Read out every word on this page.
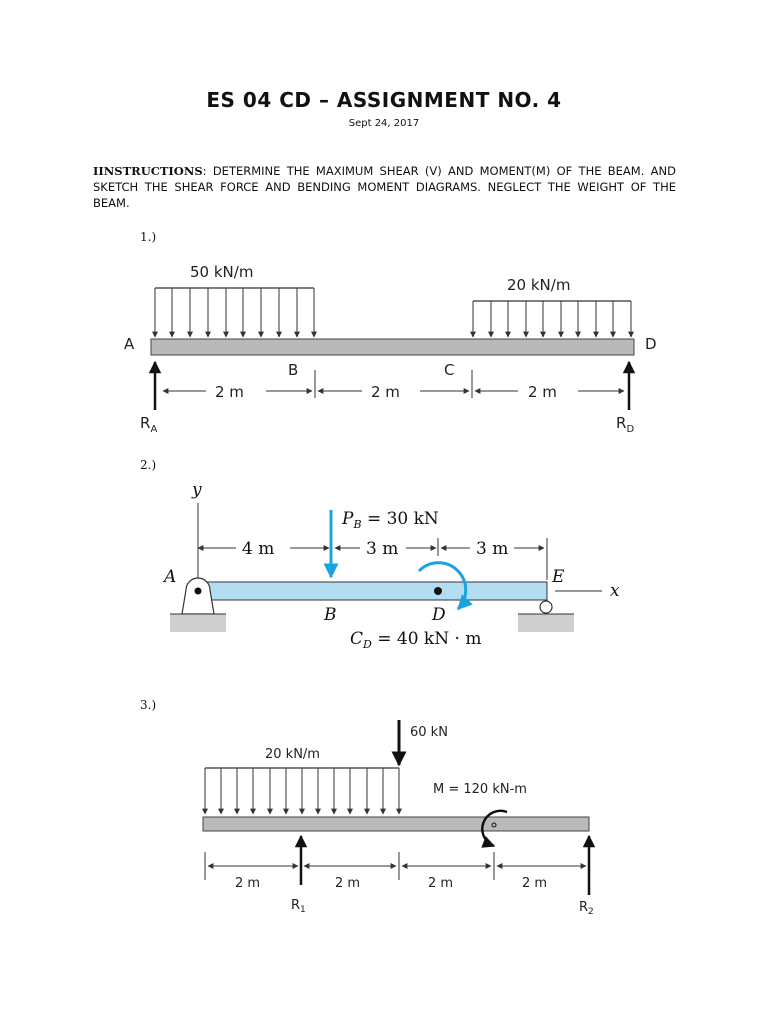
ES 04 CD – ASSIGNMENT NO. 4
Sept 24, 2017
IINSTRUCTIONS: DETERMINE THE MAXIMUM SHEAR (V) AND MOMENT(M) OF THE BEAM. AND SKETCH THE SHEAR FORCE AND BENDING MOMENT DIAGRAMS. NEGLECT THE WEIGHT OF THE BEAM.
1.)
50 kN/m
20 kN/m
A	D
B	C
2 m	2 m	2 m
$R_A$	$R_D$
2.)
y
4 m	3 m	3 m
$P_B = 30$ kN
x
A	E
B	D
$C_D = 40$ kN · m
3.)
60 kN
20 kN/m
M = 120 kN-m
2 m	2 m	2 m	2 m
$R_1$	$R_2$
